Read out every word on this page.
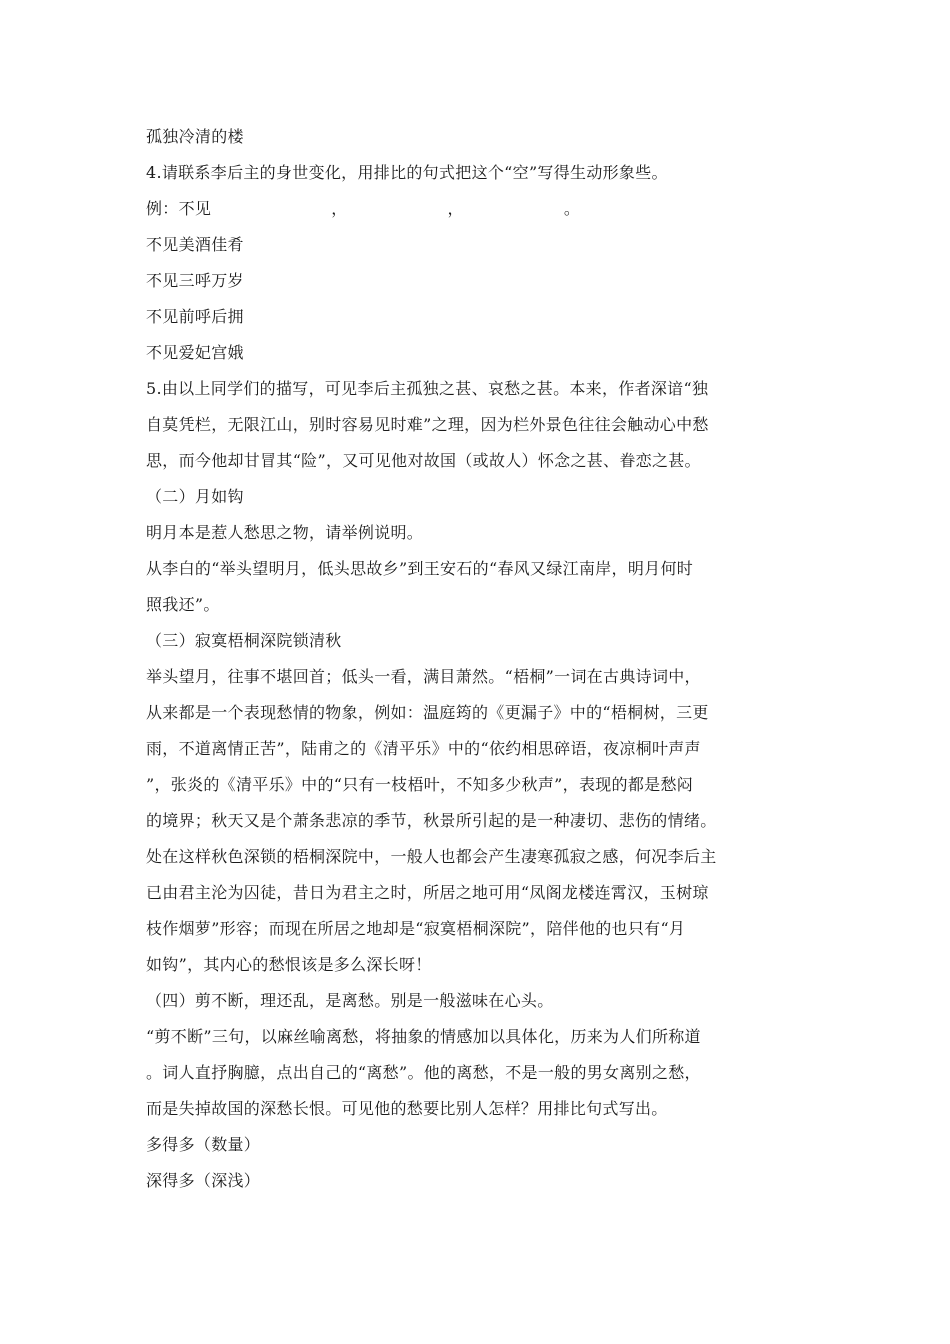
孤独冷清的楼
4.请联系李后主的身世变化，用排比的句式把这个“空”写得生动形象些。
例：不见	，	，	。
不见美酒佳肴
不见三呼万岁
不见前呼后拥
不见爱妃宫娥
5.由以上同学们的描写，可见李后主孤独之甚、哀愁之甚。本来，作者深谙“独
自莫凭栏，无限江山，别时容易见时难”之理，因为栏外景色往往会触动心中愁
思，而今他却甘冒其“险”，又可见他对故国（或故人）怀念之甚、眷恋之甚。
（二）月如钩
明月本是惹人愁思之物，请举例说明。
从李白的“举头望明月，低头思故乡”到王安石的“春风又绿江南岸，明月何时
照我还”。
（三）寂寞梧桐深院锁清秋
举头望月，往事不堪回首；低头一看，满目萧然。“梧桐”一词在古典诗词中，
从来都是一个表现愁情的物象，例如：温庭筠的《更漏子》中的“梧桐树，三更
雨，不道离情正苦”，陆甫之的《清平乐》中的“依约相思碎语，夜凉桐叶声声
”，张炎的《清平乐》中的“只有一枝梧叶，不知多少秋声”，表现的都是愁闷
的境界；秋天又是个萧条悲凉的季节，秋景所引起的是一种凄切、悲伤的情绪。
处在这样秋色深锁的梧桐深院中，一般人也都会产生凄寒孤寂之感，何况李后主
已由君主沦为囚徒，昔日为君主之时，所居之地可用“凤阁龙楼连霄汉，玉树琼
枝作烟萝”形容；而现在所居之地却是“寂寞梧桐深院”，陪伴他的也只有“月
如钩”，其内心的愁恨该是多么深长呀！
（四）剪不断，理还乱，是离愁。别是一般滋味在心头。
“剪不断”三句，以麻丝喻离愁，将抽象的情感加以具体化，历来为人们所称道
。词人直抒胸臆，点出自己的“离愁”。他的离愁，不是一般的男女离别之愁，
而是失掉故国的深愁长恨。可见他的愁要比别人怎样？用排比句式写出。
多得多（数量）
深得多（深浅）
